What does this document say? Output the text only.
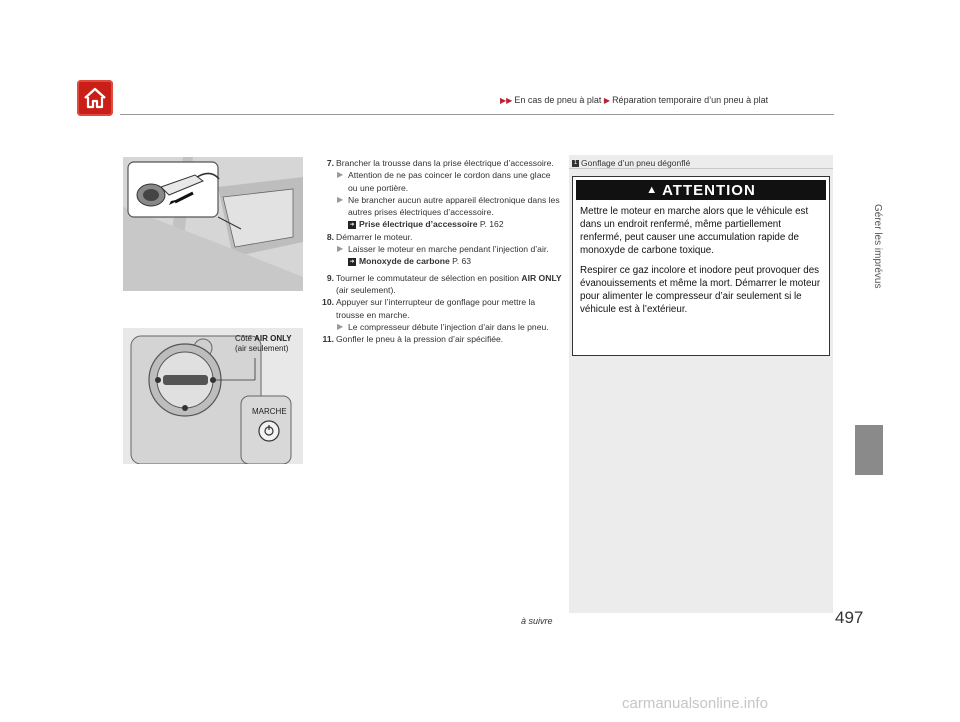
▶▶ En cas de pneu à plat ▶ Réparation temporaire d’un pneu à plat
Gérer les imprévus
Côté AIR ONLY
(air seulement)
MARCHE
7. Brancher la trousse dans la prise électrique d’accessoire.
▶ Attention de ne pas coincer le cordon dans une glace ou une portière.
▶ Ne brancher aucun autre appareil électronique dans les autres prises électriques d’accessoire.
➜ Prise électrique d’accessoire P. 162
8. Démarrer le moteur.
▶ Laisser le moteur en marche pendant l’injection d’air.
➜ Monoxyde de carbone P. 63
9. Tourner le commutateur de sélection en position AIR ONLY (air seulement).
10. Appuyer sur l’interrupteur de gonflage pour mettre la trousse en marche.
▶ Le compresseur débute l’injection d’air dans le pneu.
11. Gonfler le pneu à la pression d’air spécifiée.
1 Gonflage d’un pneu dégonflé
▲ ATTENTION

Mettre le moteur en marche alors que le véhicule est dans un endroit renfermé, même partiellement renfermé, peut causer une accumulation rapide de monoxyde de carbone toxique.

Respirer ce gaz incolore et inodore peut provoquer des évanouissements et même la mort. Démarrer le moteur pour alimenter le compresseur d’air seulement si le véhicule est à l’extérieur.

à suivre	497
carmanualsonline.info
